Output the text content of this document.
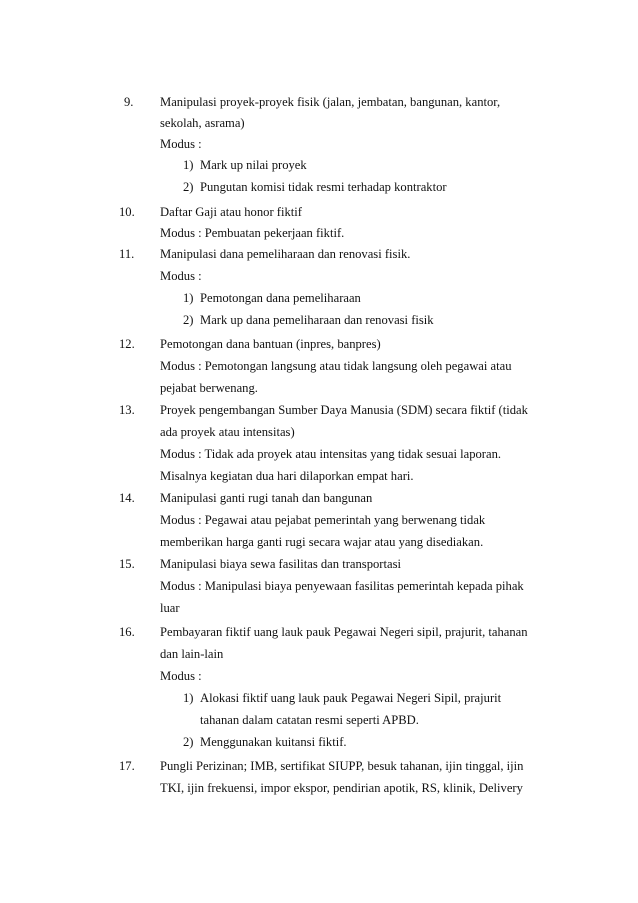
9. Manipulasi proyek-proyek fisik (jalan, jembatan, bangunan, kantor,
sekolah, asrama)
Modus :
1) Mark up nilai proyek
2) Pungutan komisi tidak resmi terhadap kontraktor
10. Daftar Gaji atau honor fiktif
Modus : Pembuatan pekerjaan fiktif.
11. Manipulasi dana pemeliharaan dan renovasi fisik.
Modus :
1) Pemotongan dana pemeliharaan
2) Mark up dana pemeliharaan dan renovasi fisik
12. Pemotongan dana bantuan (inpres, banpres)
Modus : Pemotongan langsung atau tidak langsung oleh pegawai atau
pejabat berwenang.
13. Proyek pengembangan Sumber Daya Manusia (SDM) secara fiktif (tidak
ada proyek atau intensitas)
Modus : Tidak ada proyek atau intensitas yang tidak sesuai laporan.
Misalnya kegiatan dua hari dilaporkan empat hari.
14. Manipulasi ganti rugi tanah dan bangunan
Modus : Pegawai atau pejabat pemerintah yang berwenang tidak
memberikan harga ganti rugi secara wajar atau yang disediakan.
15. Manipulasi biaya sewa fasilitas dan transportasi
Modus : Manipulasi biaya penyewaan fasilitas pemerintah kepada pihak
luar
16. Pembayaran fiktif uang lauk pauk Pegawai Negeri sipil, prajurit, tahanan
dan lain-lain
Modus :
1) Alokasi fiktif uang lauk pauk Pegawai Negeri Sipil, prajurit
tahanan dalam catatan resmi seperti APBD.
2) Menggunakan kuitansi fiktif.
17. Pungli Perizinan; IMB, sertifikat SIUPP, besuk tahanan, ijin tinggal, ijin
TKI, ijin frekuensi, impor ekspor, pendirian apotik, RS, klinik, Delivery
